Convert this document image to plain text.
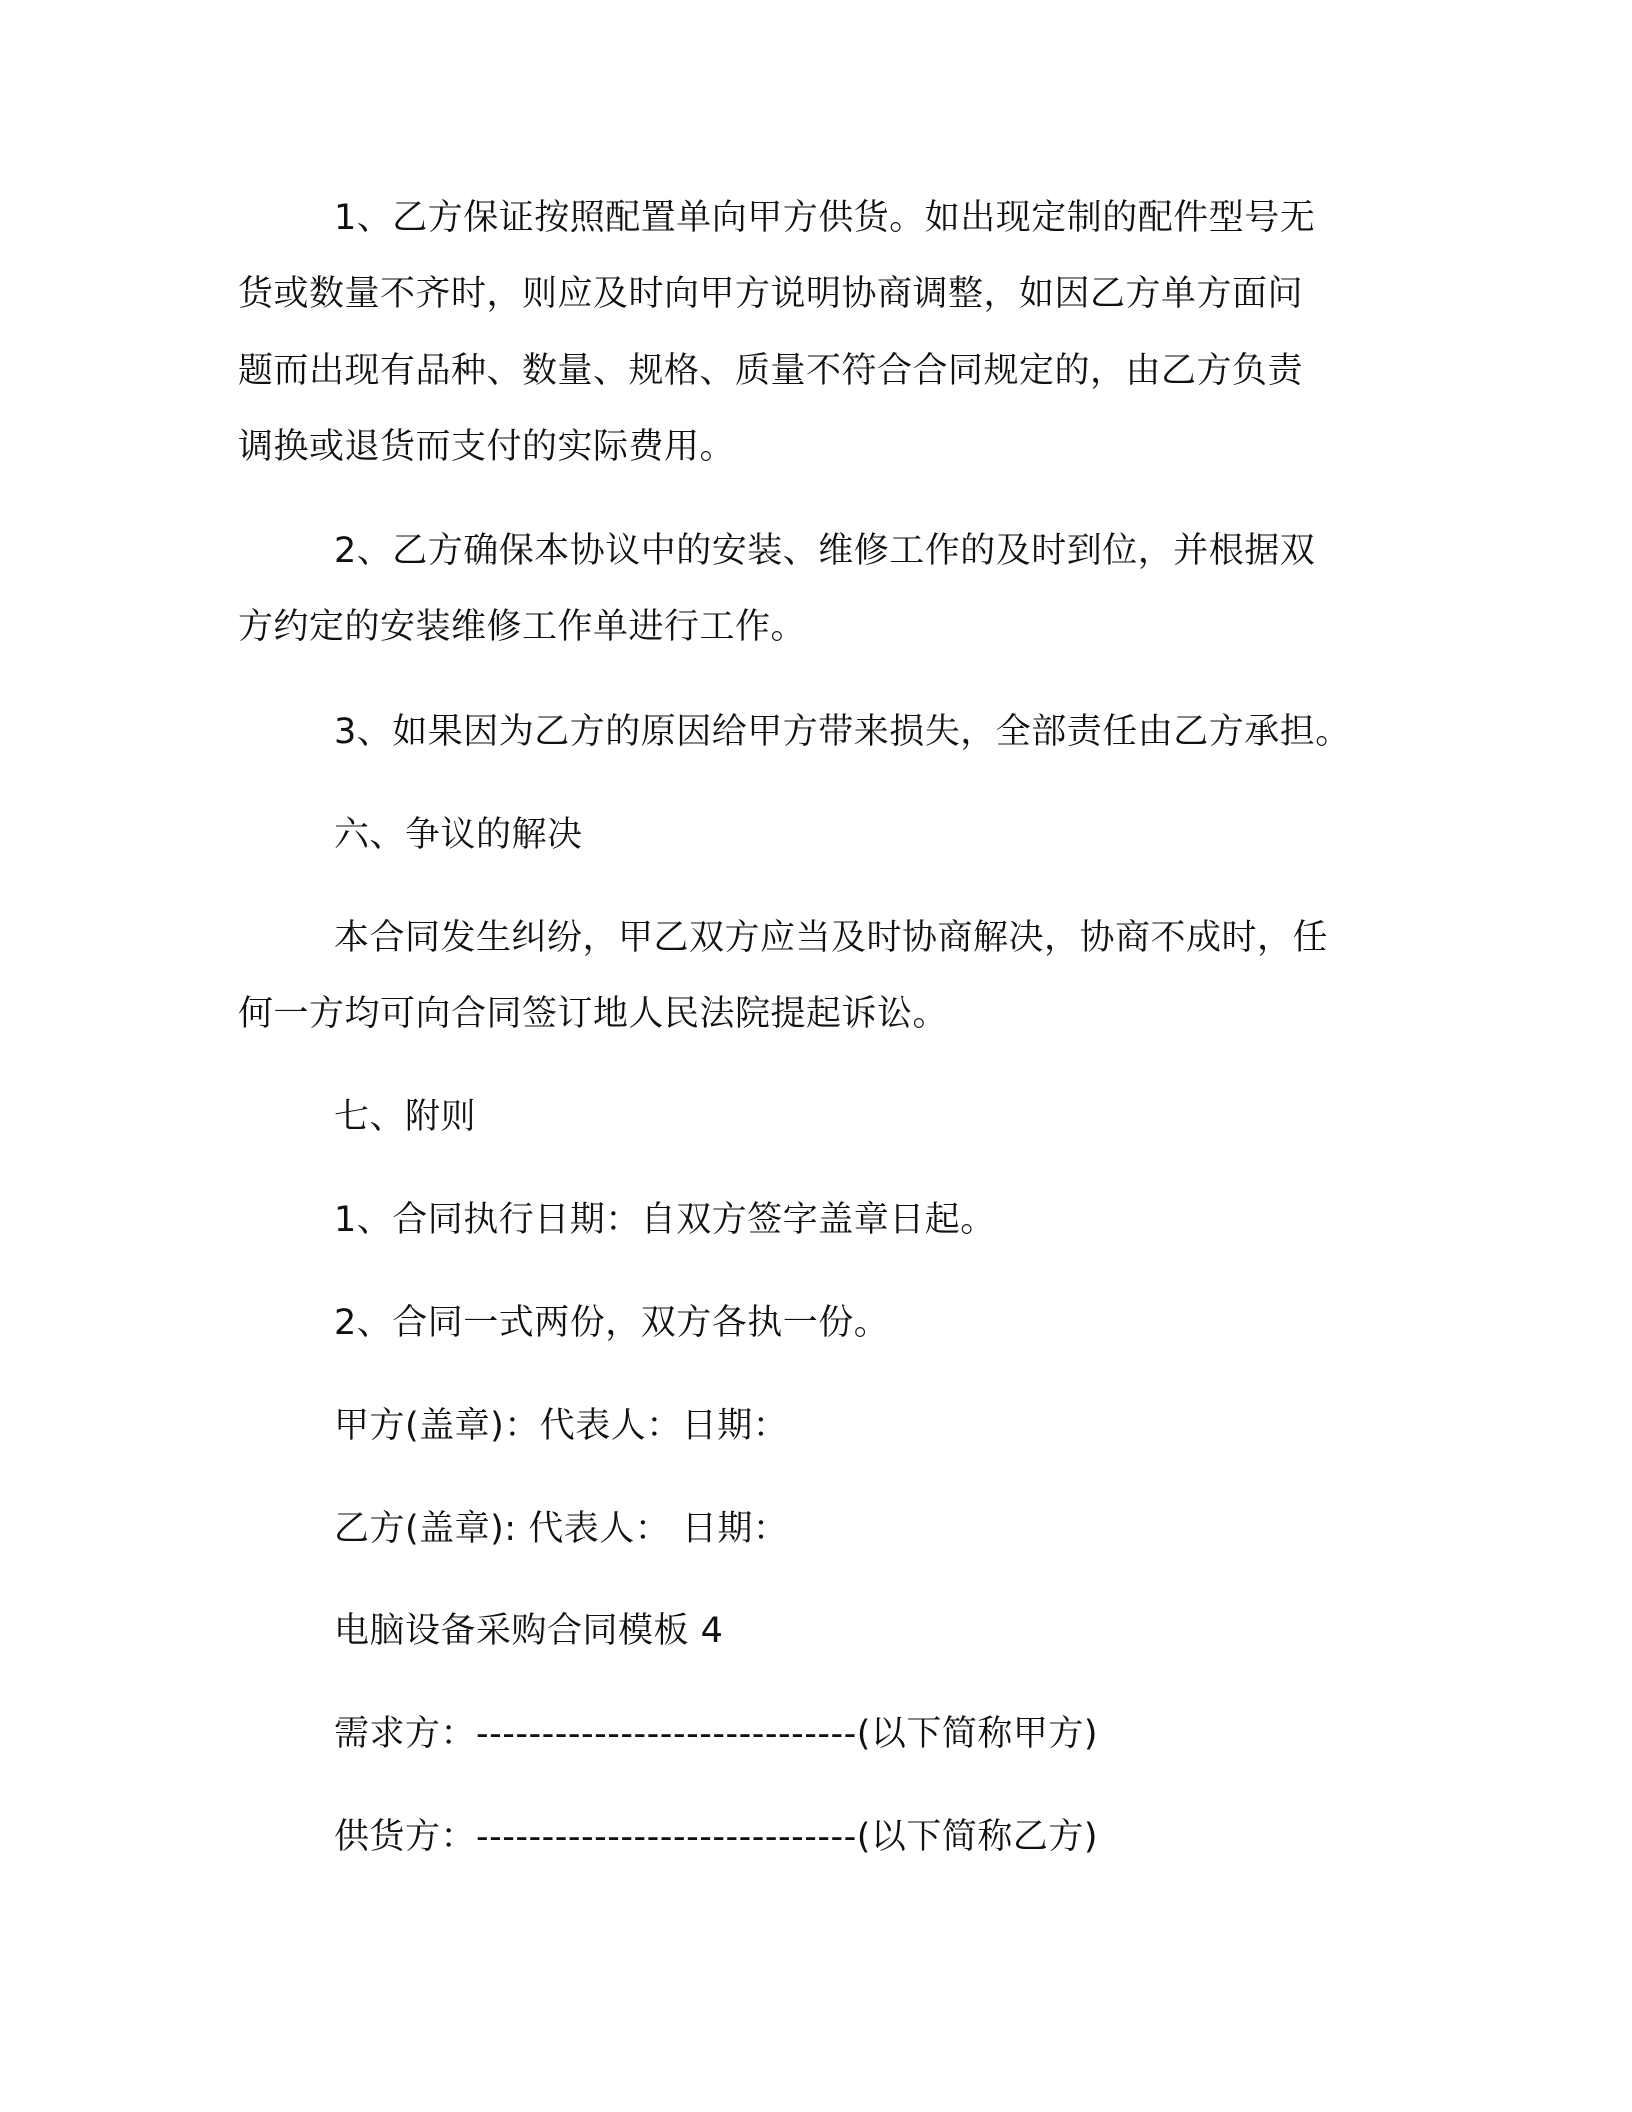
1、乙方保证按照配置单向甲方供货。如出现定制的配件型号无

货或数量不齐时，则应及时向甲方说明协商调整，如因乙方单方面问

题而出现有品种、数量、规格、质量不符合合同规定的，由乙方负责

调换或退货而支付的实际费用。

2、乙方确保本协议中的安装、维修工作的及时到位，并根据双

方约定的安装维修工作单进行工作。

3、如果因为乙方的原因给甲方带来损失，全部责任由乙方承担。

六、争议的解决

本合同发生纠纷，甲乙双方应当及时协商解决，协商不成时，任

何一方均可向合同签订地人民法院提起诉讼。

七、附则

1、合同执行日期：自双方签字盖章日起。

2、合同一式两份，双方各执一份。

甲方(盖章)：代表人：日期：

乙方(盖章): 代表人： 日期：

电脑设备采购合同模板 4

需求方：-----------------------------(以下简称甲方)

供货方：-----------------------------(以下简称乙方)
